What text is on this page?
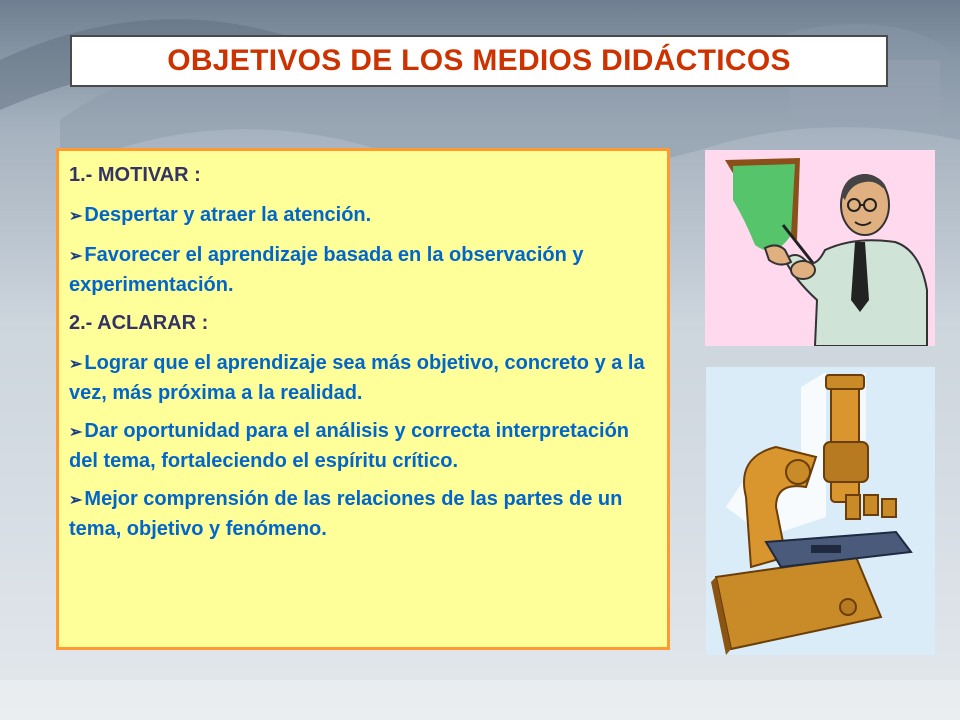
OBJETIVOS DE LOS MEDIOS DIDÁCTICOS
1.- MOTIVAR :
➢ Despertar y atraer la atención.
➢ Favorecer el aprendizaje basada en la observación y experimentación.
2.- ACLARAR :
➢ Lograr que el aprendizaje sea más objetivo, concreto y a la vez, más próxima a la realidad.
➢ Dar oportunidad para el análisis y correcta interpretación del tema, fortaleciendo el espíritu crítico.
➢ Mejor comprensión de las relaciones de las partes de un tema, objetivo y fenómeno.
